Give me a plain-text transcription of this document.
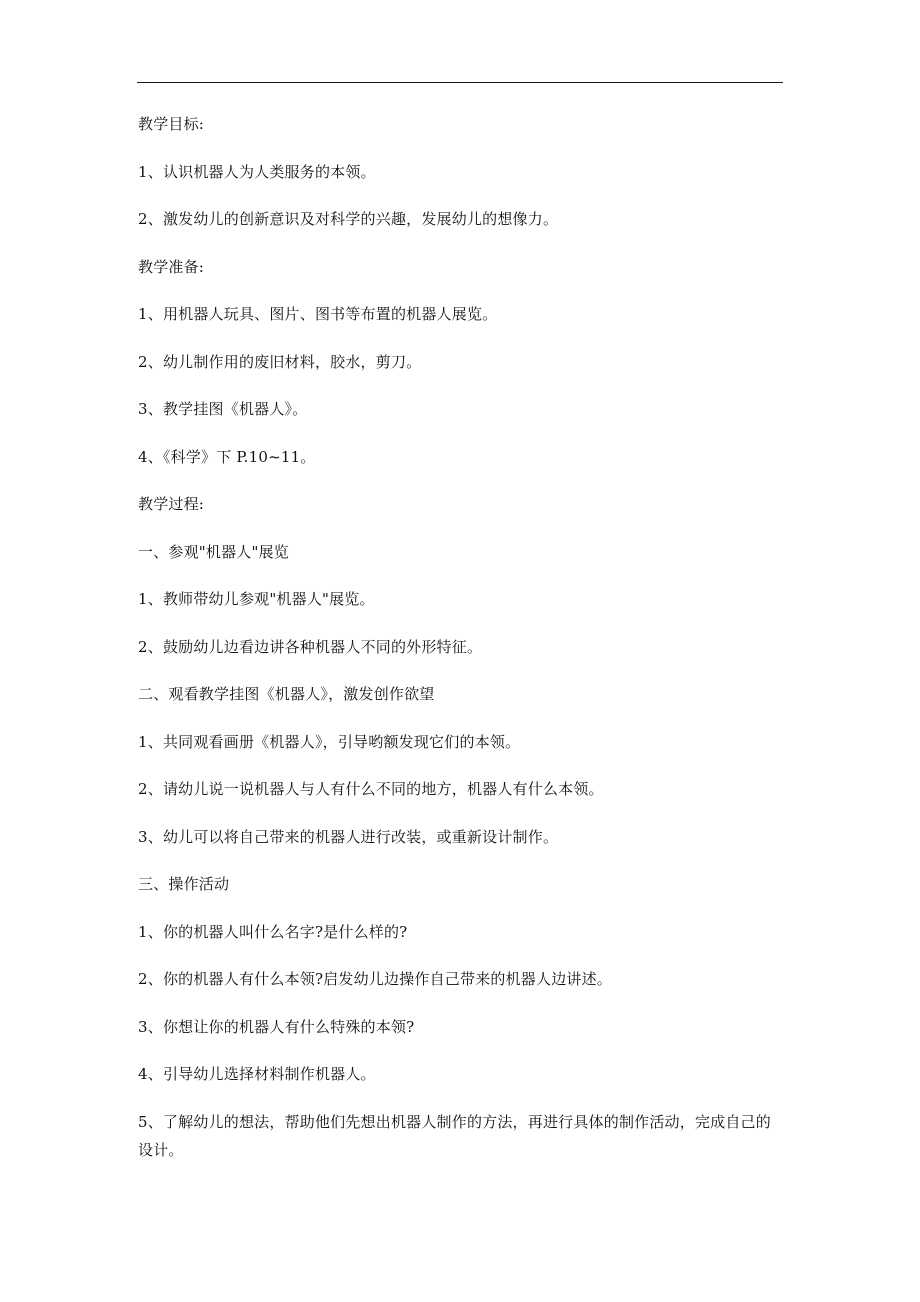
教学目标:
1、认识机器人为人类服务的本领。
2、激发幼儿的创新意识及对科学的兴趣，发展幼儿的想像力。
教学准备:
1、用机器人玩具、图片、图书等布置的机器人展览。
2、幼儿制作用的废旧材料，胶水，剪刀。
3、教学挂图《机器人》。
4、《科学》下 P.10~11。
教学过程:
一、参观"机器人"展览
1、教师带幼儿参观"机器人"展览。
2、鼓励幼儿边看边讲各种机器人不同的外形特征。
二、观看教学挂图《机器人》，激发创作欲望
1、共同观看画册《机器人》，引导哟额发现它们的本领。
2、请幼儿说一说机器人与人有什么不同的地方，机器人有什么本领。
3、幼儿可以将自己带来的机器人进行改装，或重新设计制作。
三、操作活动
1、你的机器人叫什么名字?是什么样的?
2、你的机器人有什么本领?启发幼儿边操作自己带来的机器人边讲述。
3、你想让你的机器人有什么特殊的本领?
4、引导幼儿选择材料制作机器人。

5、了解幼儿的想法，帮助他们先想出机器人制作的方法，再进行具体的制作活动，完成自己的设计。
